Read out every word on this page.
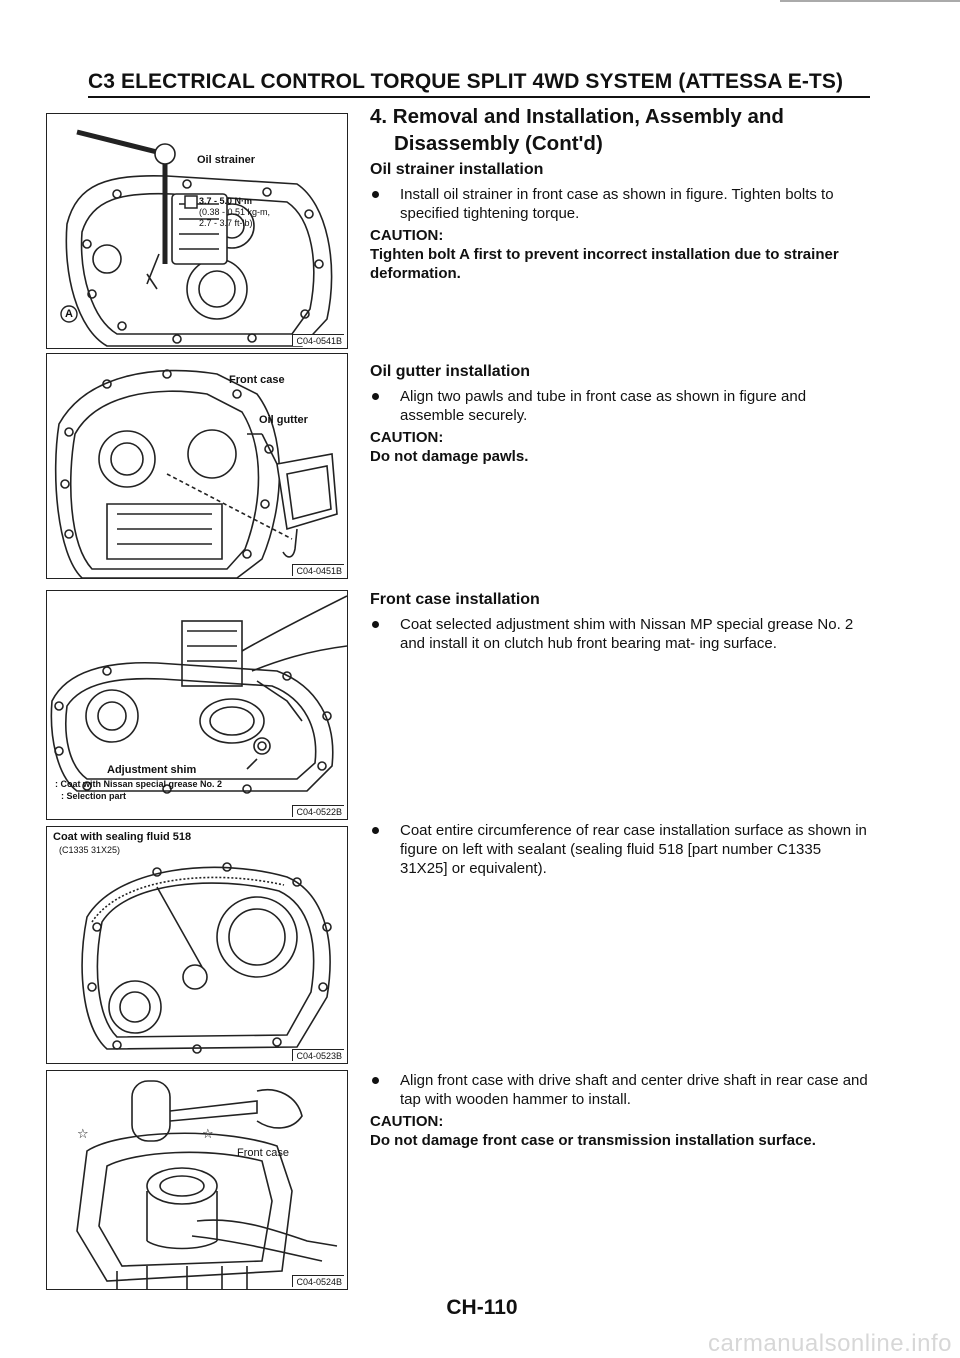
C3 ELECTRICAL CONTROL TORQUE SPLIT 4WD SYSTEM (ATTESSA E-TS)
4. Removal and Installation, Assembly and
Disassembly (Cont'd)
Oil strainer
3.7 - 5.0 N·m
(0.38 - 0.51 kg-m,
2.7 - 3.7 ft-lb)
A
C04-0541B
Front case
Oil gutter
C04-0451B
Adjustment shim
: Coat with Nissan special grease No. 2
: Selection part
C04-0522B
Coat with sealing fluid 518
(C1335 31X25)
C04-0523B
☆	☆
Front case
C04-0524B
Oil strainer installation
Install oil strainer in front case as shown in figure. Tighten bolts to specified tightening torque.
CAUTION:
Tighten bolt A first to prevent incorrect installation due to strainer deformation.
Oil gutter installation
Align two pawls and tube in front case as shown in figure and assemble securely.
CAUTION:
Do not damage pawls.
Front case installation
Coat selected adjustment shim with Nissan MP special grease No. 2 and install it on clutch hub front bearing mat- ing surface.
Coat entire circumference of rear case installation surface as shown in figure on left with sealant (sealing fluid 518 [part number C1335 31X25] or equivalent).
Align front case with drive shaft and center drive shaft in rear case and tap with wooden hammer to install.
CAUTION:
Do not damage front case or transmission installation surface.
CH-110
carmanualsonline.info
